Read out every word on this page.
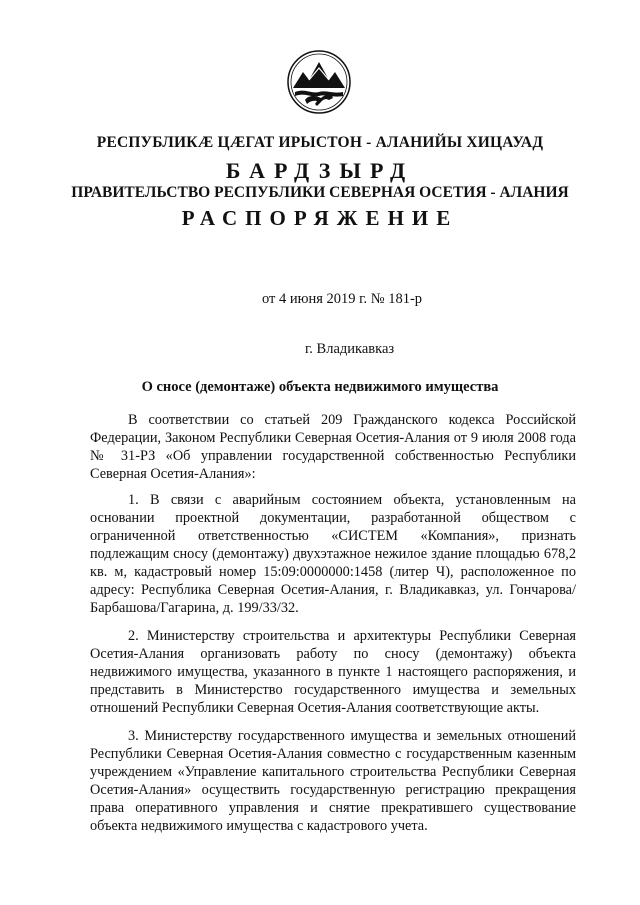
РЕСПУБЛИКӔ ЦӔГАТ ИРЫСТОН - АЛАНИЙЫ ХИЦАУАД
БАРДЗЫРД
ПРАВИТЕЛЬСТВО РЕСПУБЛИКИ СЕВЕРНАЯ ОСЕТИЯ - АЛАНИЯ
РАСПОРЯЖЕНИЕ
от 4 июня 2019 г. № 181-р
г. Владикавказ
О сносе (демонтаже) объекта недвижимого имущества

В соответствии со статьей 209 Гражданского кодекса Российской Федерации, Законом Республики Северная Осетия-Алания от 9 июля 2008 года № 31-РЗ «Об управлении государственной собственностью Республики Северная Осетия-Алания»:

1. В связи с аварийным состоянием объекта, установленным на основании проектной документации, разработанной обществом с ограниченной ответственностью «СИСТЕМ «Компания», признать подлежащим сносу (демонтажу) двухэтажное нежилое здание площадью 678,2 кв. м, кадастровый номер 15:09:0000000:1458 (литер Ч), расположенное по адресу: Республика Северная Осетия-Алания, г. Владикавказ, ул. Гончарова/Барбашова/Гагарина, д. 199/33/32.

2. Министерству строительства и архитектуры Республики Северная Осетия-Алания организовать работу по сносу (демонтажу) объекта недвижимого имущества, указанного в пункте 1 настоящего распоряжения, и представить в Министерство государственного имущества и земельных отношений Республики Северная Осетия-Алания соответствующие акты.

3. Министерству государственного имущества и земельных отношений Республики Северная Осетия-Алания совместно с государственным казенным учреждением «Управление капитального строительства Республики Северная Осетия-Алания» осуществить государственную регистрацию прекращения права оперативного управления и снятие прекратившего существование объекта недвижимого имущества с кадастрового учета.
